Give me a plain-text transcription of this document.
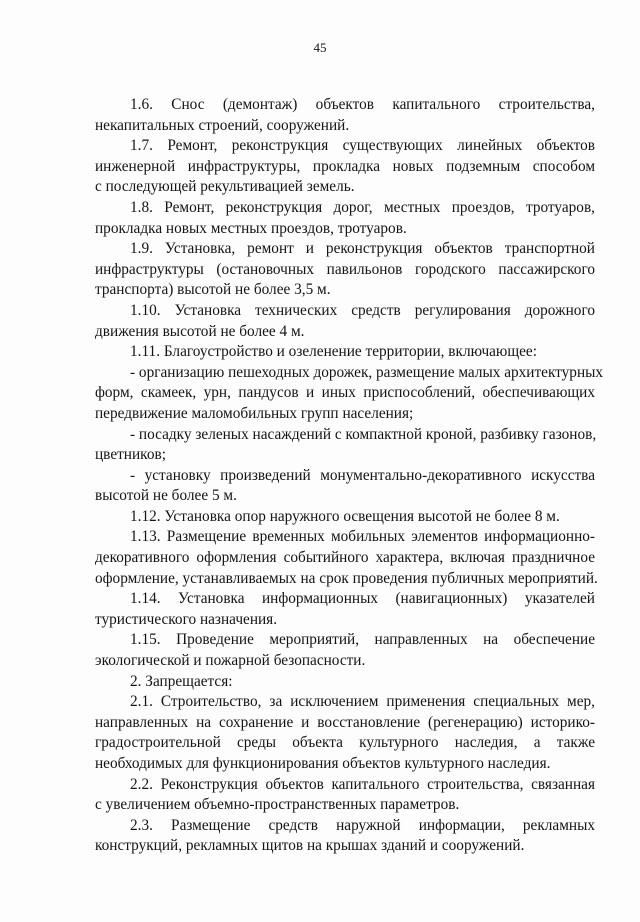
45
1.6. Снос (демонтаж) объектов капитального строительства,
некапитальных строений, сооружений.
1.7. Ремонт, реконструкция существующих линейных объектов
инженерной инфраструктуры, прокладка новых подземным способом
с последующей рекультивацией земель.
1.8. Ремонт, реконструкция дорог, местных проездов, тротуаров,
прокладка новых местных проездов, тротуаров.
1.9. Установка, ремонт и реконструкция объектов транспортной
инфраструктуры (остановочных павильонов городского пассажирского
транспорта) высотой не более 3,5 м.
1.10. Установка технических средств регулирования дорожного
движения высотой не более 4 м.
1.11. Благоустройство и озеленение территории, включающее:
- организацию пешеходных дорожек, размещение малых архитектурных
форм, скамеек, урн, пандусов и иных приспособлений, обеспечивающих
передвижение маломобильных групп населения;
- посадку зеленых насаждений с компактной кроной, разбивку газонов,
цветников;
- установку произведений монументально-декоративного искусства
высотой не более 5 м.
1.12. Установка опор наружного освещения высотой не более 8 м.
1.13. Размещение временных мобильных элементов информационно-
декоративного оформления событийного характера, включая праздничное
оформление, устанавливаемых на срок проведения публичных мероприятий.
1.14. Установка информационных (навигационных) указателей
туристического назначения.
1.15. Проведение мероприятий, направленных на обеспечение
экологической и пожарной безопасности.
2. Запрещается:
2.1. Строительство, за исключением применения специальных мер,
направленных на сохранение и восстановление (регенерацию) историко-
градостроительной среды объекта культурного наследия, а также
необходимых для функционирования объектов культурного наследия.
2.2. Реконструкция объектов капитального строительства, связанная
с увеличением объемно-пространственных параметров.
2.3. Размещение средств наружной информации, рекламных
конструкций, рекламных щитов на крышах зданий и сооружений.
